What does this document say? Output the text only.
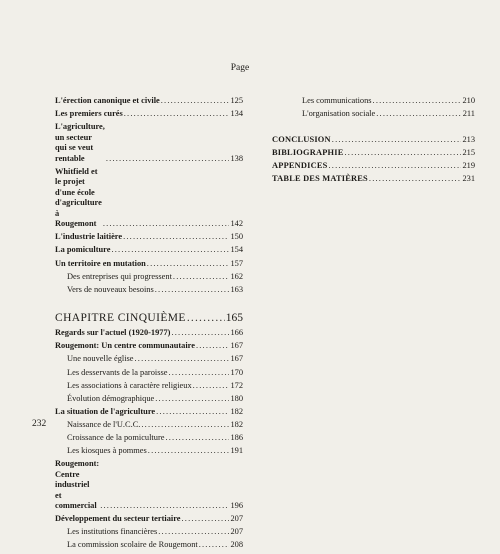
Page
L'érection canonique et civile .....	125
Les premiers curés .....	134
L'agriculture, un secteur
qui se veut rentable .....	138
Whitfield et le projet d'une école
d'agriculture à Rougemont .....	142
L'industrie laitière .....	150
La pomiculture .....	154
Un territoire en mutation .....	157
Des entreprises qui progressent .....	162
Vers de nouveaux besoins .....	163
CHAPITRE CINQUIÈME .....	165
Regards sur l'actuel (1920-1977) .....	166
Rougemont: Un centre communautaire .....	167
Une nouvelle église .....	167
Les desservants de la paroisse .....	170
Les associations à caractère religieux .....	172
Évolution démographique .....	180
La situation de l'agriculture .....	182
Naissance de l'U.C.C. .....	182
Croissance de la pomiculture .....	186
Les kiosques à pommes .....	191
Rougemont: Centre industriel
et commercial .....	196
Développement du secteur tertiaire .....	207
Les institutions financières .....	207
La commission scolaire de Rougemont .....	208
Les communications .....	210
L'organisation sociale .....	211
CONCLUSION .....	213
BIBLIOGRAPHIE .....	215
APPENDICES .....	219
TABLE DES MATIÈRES .....	231
232
